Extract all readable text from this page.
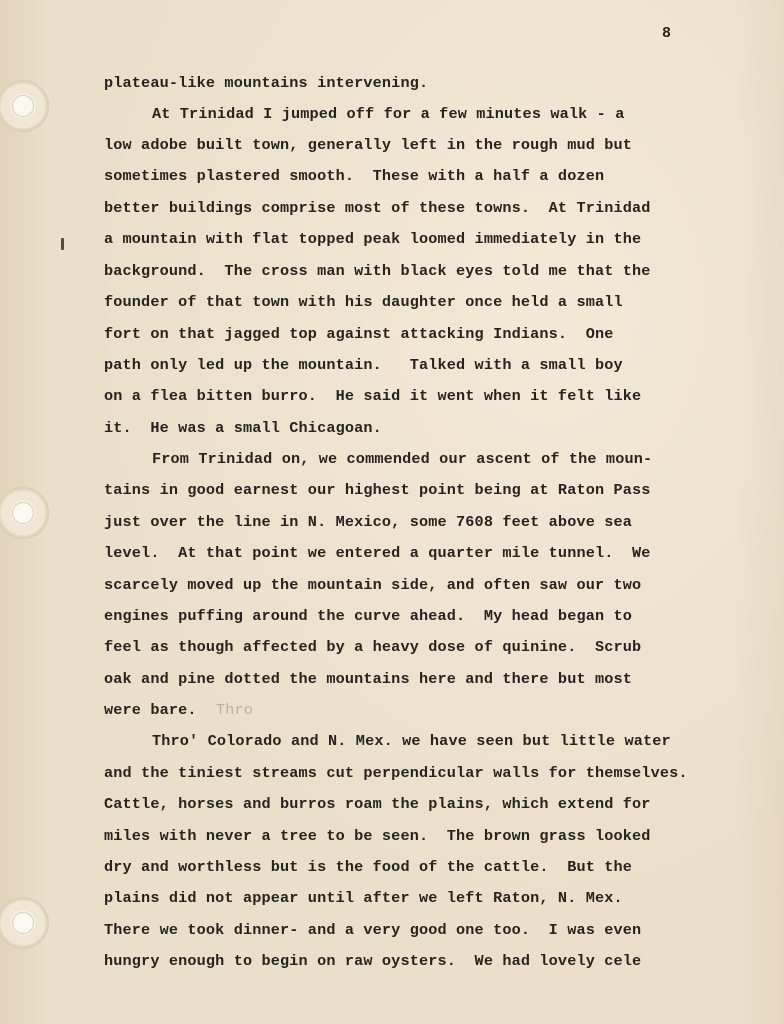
8
plateau-like mountains intervening.
At Trinidad I jumped off for a few minutes walk - a
low adobe built town, generally left in the rough mud but
sometimes plastered smooth.  These with a half a dozen
better buildings comprise most of these towns.  At Trinidad
a mountain with flat topped peak loomed immediately in the
background.  The cross man with black eyes told me that the
founder of that town with his daughter once held a small
fort on that jagged top against attacking Indians.  One
path only led up the mountain.   Talked with a small boy
on a flea bitten burro.  He said it went when it felt like
it.  He was a small Chicagoan.
From Trinidad on, we commended our ascent of the moun-
tains in good earnest our highest point being at Raton Pass
just over the line in N. Mexico, some 7608 feet above sea
level.  At that point we entered a quarter mile tunnel.  We
scarcely moved up the mountain side, and often saw our two
engines puffing around the curve ahead.  My head began to
feel as though affected by a heavy dose of quinine.  Scrub
oak and pine dotted the mountains here and there but most
were bare. Thro
Thro' Colorado and N. Mex. we have seen but little water
and the tiniest streams cut perpendicular walls for themselves.
Cattle, horses and burros roam the plains, which extend for
miles with never a tree to be seen.  The brown grass looked
dry and worthless but is the food of the cattle.  But the
plains did not appear until after we left Raton, N. Mex.
There we took dinner- and a very good one too.  I was even
hungry enough to begin on raw oysters.  We had lovely cele
